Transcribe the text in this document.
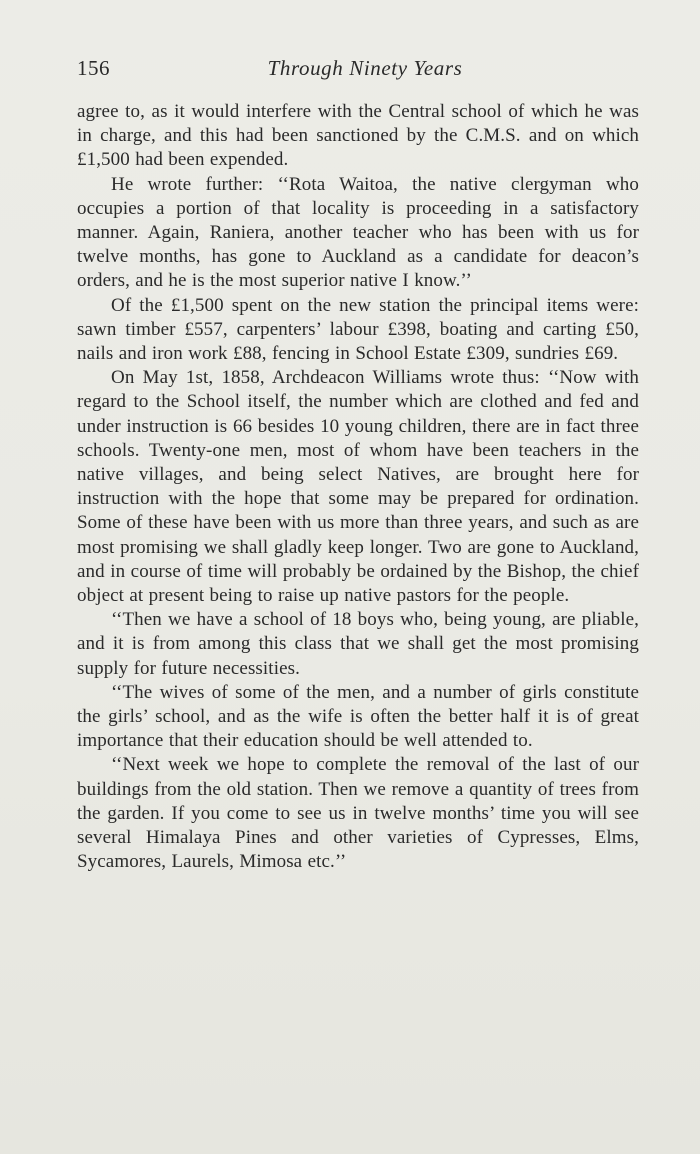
156	Through Ninety Years

agree to, as it would interfere with the Central school of which he was in charge, and this had been sanctioned by the C.M.S. and on which £1,500 had been expended.

He wrote further: ‘‘Rota Waitoa, the native clergyman who occupies a portion of that locality is proceeding in a satisfactory manner. Again, Raniera, another teacher who has been with us for twelve months, has gone to Auckland as a candidate for deacon’s orders, and he is the most superior native I know.’’

Of the £1,500 spent on the new station the principal items were: sawn timber £557, carpenters’ labour £398, boating and carting £50, nails and iron work £88, fencing in School Estate £309, sundries £69.

On May 1st, 1858, Archdeacon Williams wrote thus: ‘‘Now with regard to the School itself, the number which are clothed and fed and under instruction is 66 besides 10 young children, there are in fact three schools. Twenty-one men, most of whom have been teachers in the native villages, and being select Natives, are brought here for instruction with the hope that some may be prepared for ordination. Some of these have been with us more than three years, and such as are most promising we shall gladly keep longer. Two are gone to Auckland, and in course of time will probably be ordained by the Bishop, the chief object at present being to raise up native pastors for the people.

‘‘Then we have a school of 18 boys who, being young, are pliable, and it is from among this class that we shall get the most promising supply for future necessities.

‘‘The wives of some of the men, and a number of girls constitute the girls’ school, and as the wife is often the better half it is of great importance that their education should be well attended to.

‘‘Next week we hope to complete the removal of the last of our buildings from the old station. Then we remove a quantity of trees from the garden. If you come to see us in twelve months’ time you will see several Himalaya Pines and other varieties of Cypresses, Elms, Sycamores, Laurels, Mimosa etc.’’
